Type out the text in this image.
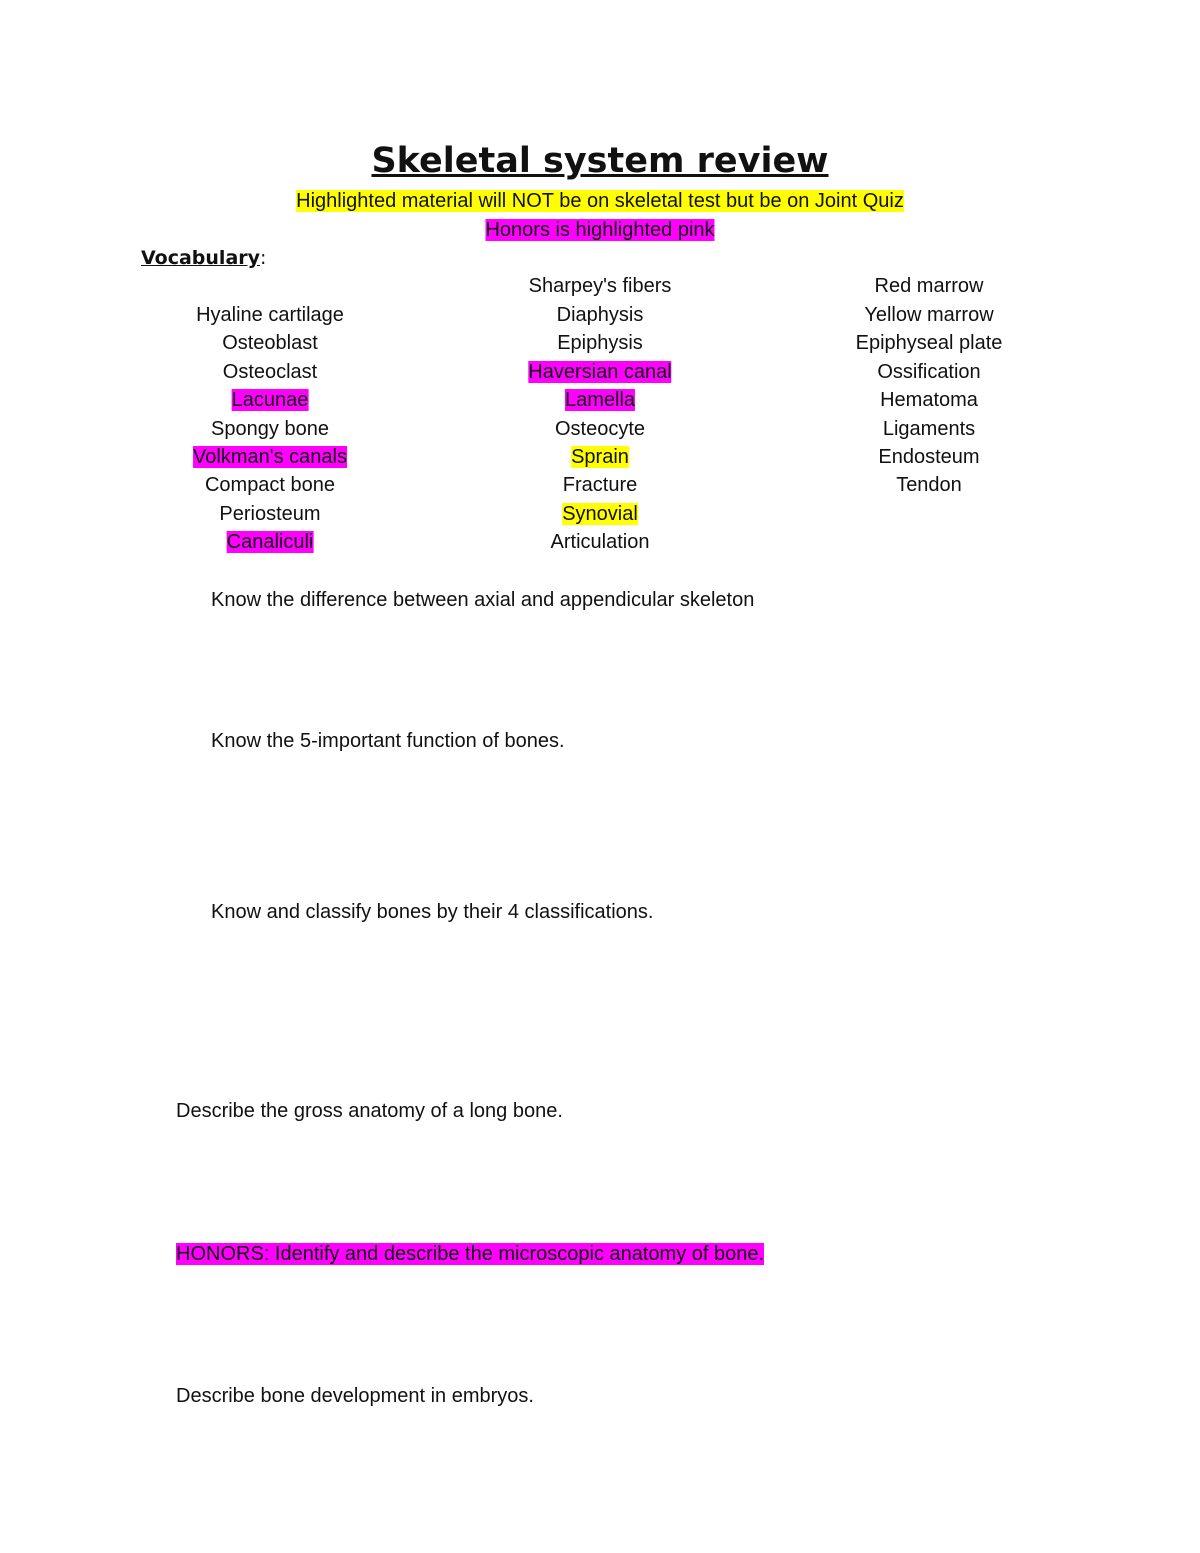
Skeletal system review
Highlighted material will NOT be on skeletal test but be on Joint Quiz
Honors is highlighted pink
Vocabulary:
Hyaline cartilage
Osteoblast
Osteoclast
Lacunae
Spongy bone
Volkman's canals
Compact bone
Periosteum
Canaliculi
Sharpey's fibers
Diaphysis
Epiphysis
Haversian canal
Lamella
Osteocyte
Sprain
Fracture
Synovial
Articulation
Red marrow
Yellow marrow
Epiphyseal plate
Ossification
Hematoma
Ligaments
Endosteum
Tendon
Know the difference between axial and appendicular skeleton
Know the 5-important function of bones.
Know and classify bones by their 4 classifications.
Describe the gross anatomy of a long bone.
HONORS: Identify and describe the microscopic anatomy of bone.
Describe bone development in embryos.
